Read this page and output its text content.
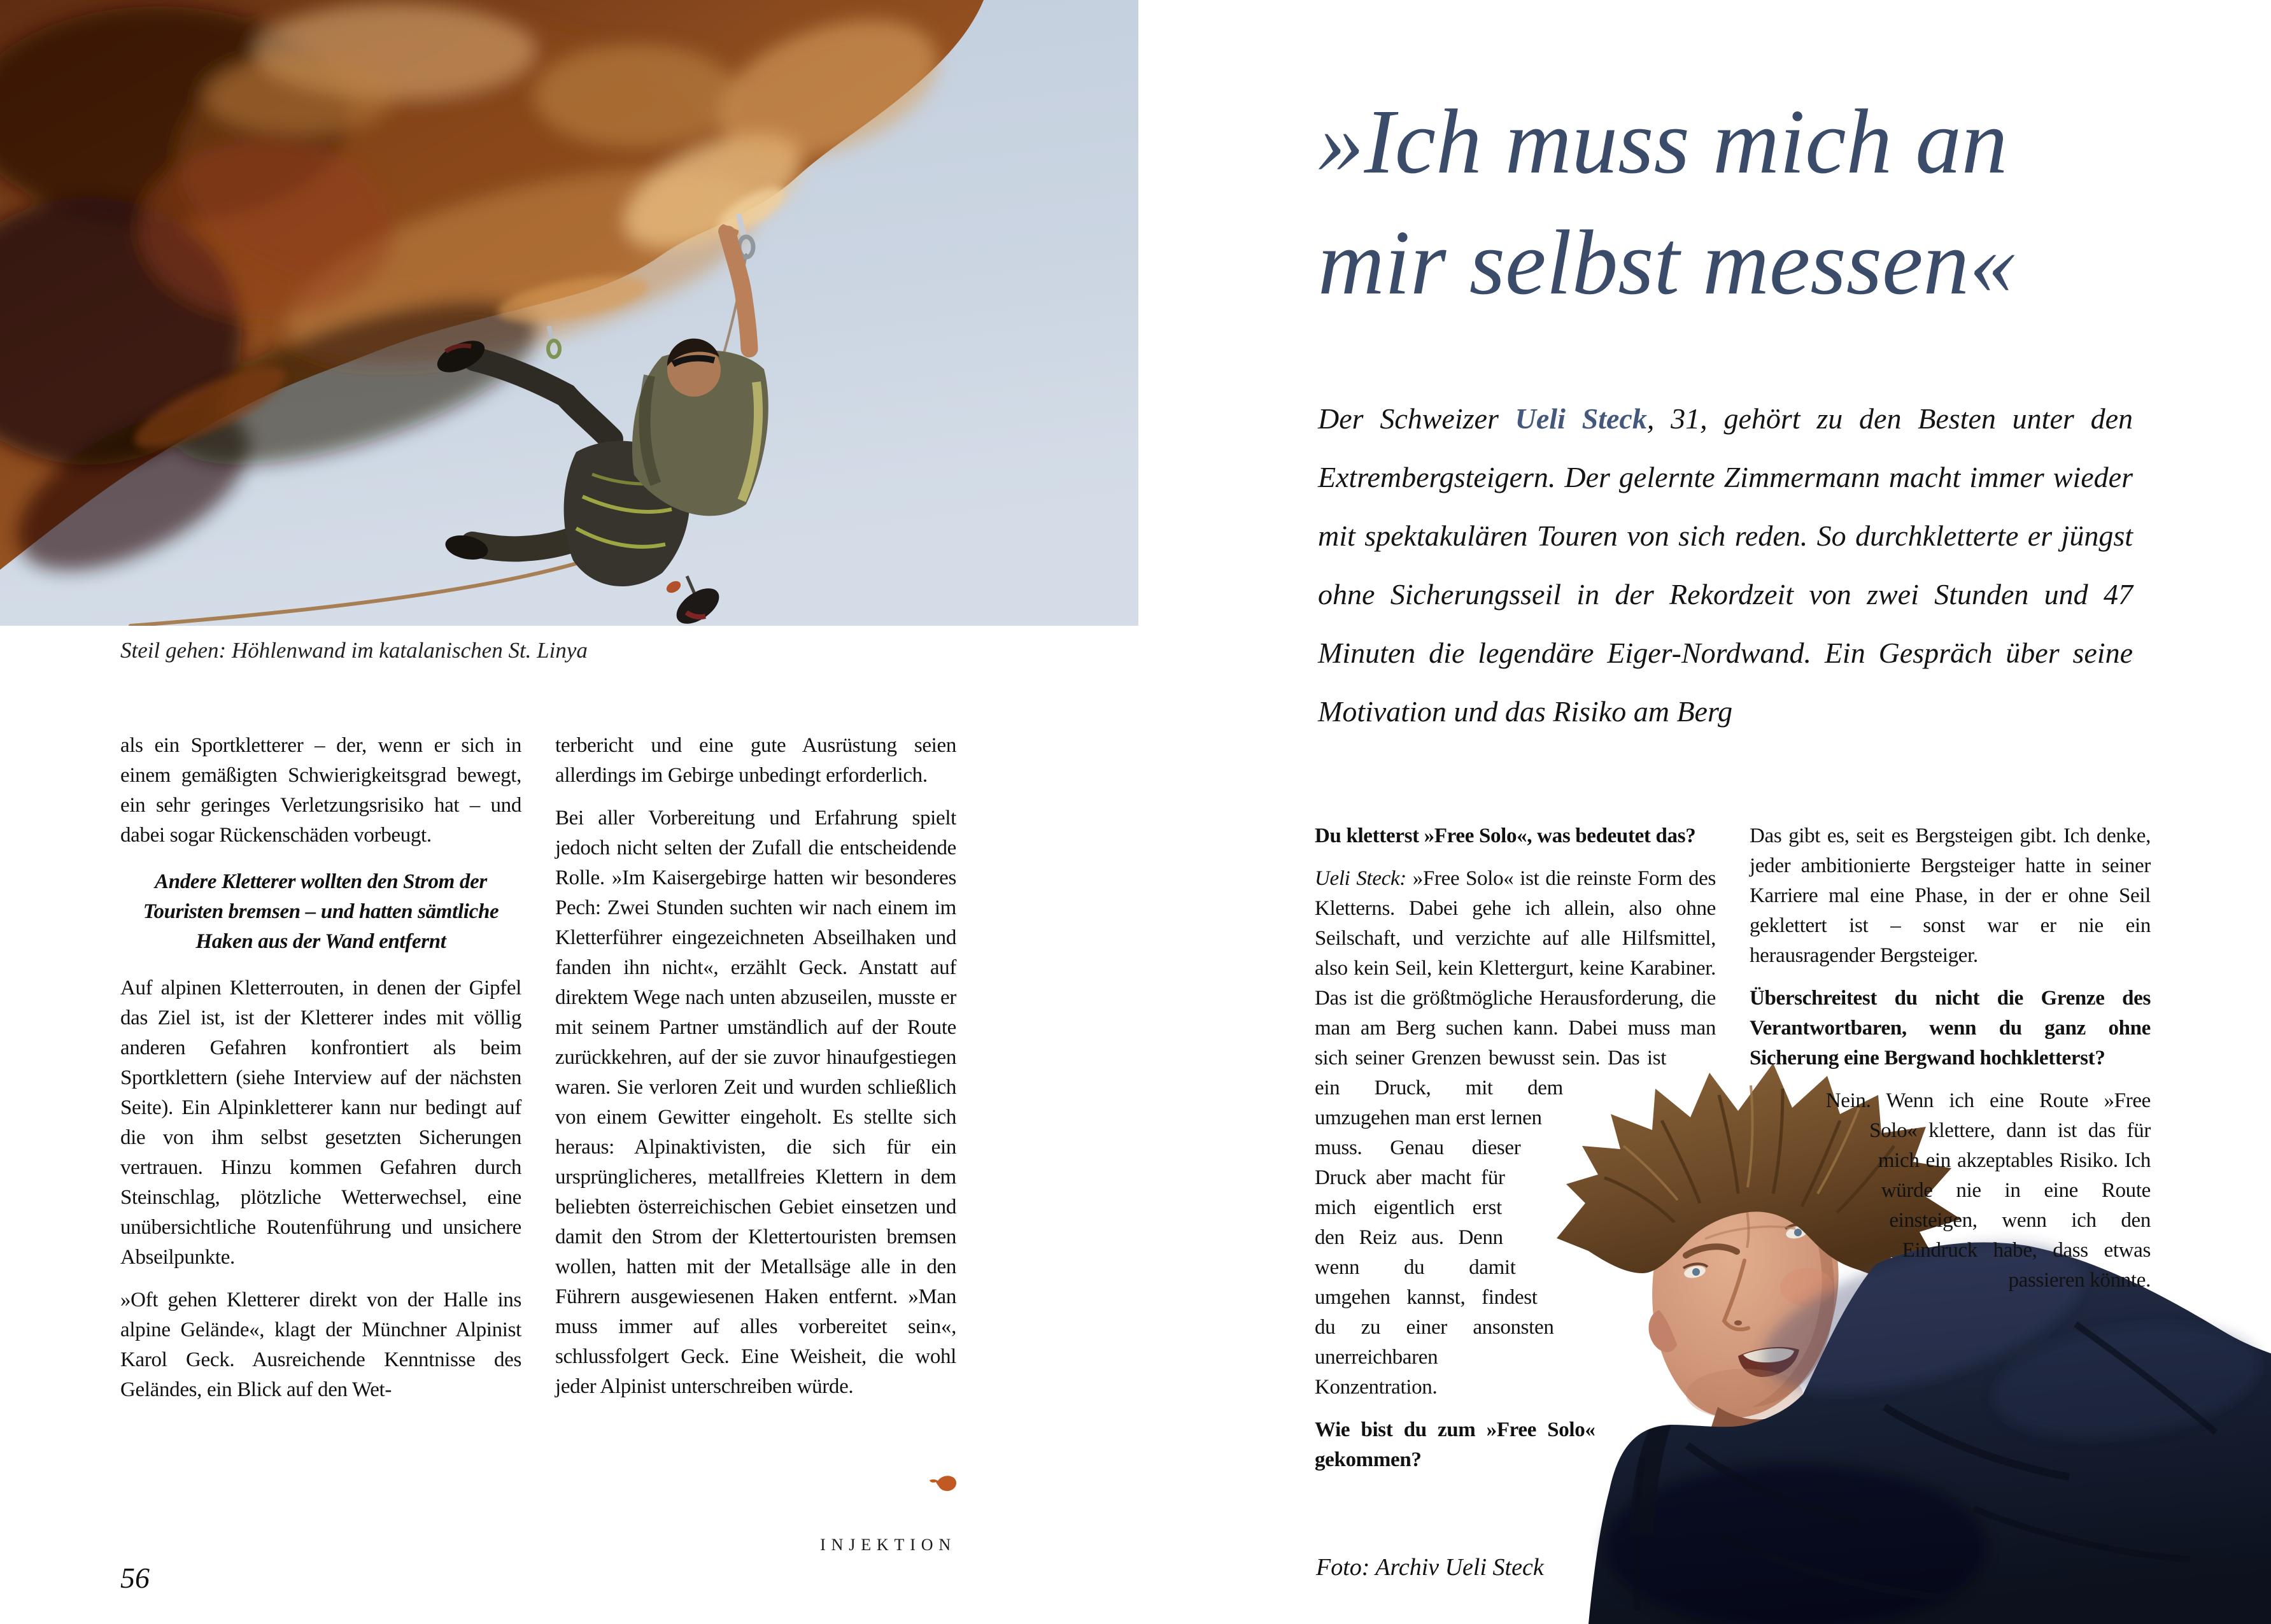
Steil gehen: Höhlenwand im katalanischen St. Linya

als ein Sportkletterer – der, wenn er sich in einem gemäßigten Schwierigkeitsgrad bewegt, ein sehr geringes Verletzungsrisiko hat – und dabei sogar Rückenschäden vorbeugt.

Andere Kletterer wollten den Strom der Touristen bremsen – und hatten sämtliche Haken aus der Wand entfernt

Auf alpinen Kletterrouten, in denen der Gipfel das Ziel ist, ist der Kletterer indes mit völlig anderen Gefahren konfrontiert als beim Sportklettern (siehe Interview auf der nächsten Seite). Ein Alpinkletterer kann nur bedingt auf die von ihm selbst gesetzten Sicherungen vertrauen. Hinzu kommen Gefahren durch Steinschlag, plötzliche Wetterwechsel, eine unübersichtliche Routenführung und unsichere Abseilpunkte.

»Oft gehen Kletterer direkt von der Halle ins alpine Gelände«, klagt der Münchner Alpinist Karol Geck. Ausreichende Kenntnisse des Geländes, ein Blick auf den Wet-

terbericht und eine gute Ausrüstung seien allerdings im Gebirge unbedingt erforderlich.

Bei aller Vorbereitung und Erfahrung spielt jedoch nicht selten der Zufall die entscheidende Rolle. »Im Kaisergebirge hatten wir besonderes Pech: Zwei Stunden suchten wir nach einem im Kletterführer eingezeichneten Abseilhaken und fanden ihn nicht«, erzählt Geck. Anstatt auf direktem Wege nach unten abzuseilen, musste er mit seinem Partner umständlich auf der Route zurückkehren, auf der sie zuvor hinaufgestiegen waren. Sie verloren Zeit und wurden schließlich von einem Gewitter eingeholt. Es stellte sich heraus: Alpinaktivisten, die sich für ein ursprünglicheres, metallfreies Klettern in dem beliebten österreichischen Gebiet einsetzen und damit den Strom der Klettertouristen bremsen wollen, hatten mit der Metallsäge alle in den Führern ausgewiesenen Haken entfernt. »Man muss immer auf alles vorbereitet sein«, schlussfolgert Geck. Eine Weisheit, die wohl jeder Alpinist unterschreiben würde.

56
INJEKTION
»Ich muss mich an
mir selbst messen«
Der Schweizer Ueli Steck, 31, gehört zu den Besten unter den Extrembergsteigern. Der gelernte Zimmermann macht immer wieder mit spektakulären Touren von sich reden. So durchkletterte er jüngst ohne Sicherungsseil in der Rekordzeit von zwei Stunden und 47 Minuten die legendäre Eiger-Nordwand. Ein Gespräch über seine Motivation und das Risiko am Berg

Du kletterst »Free Solo«, was bedeutet das?

Ueli Steck: »Free Solo« ist die reinste Form des Kletterns. Dabei gehe ich allein, also ohne Seilschaft, und verzichte auf alle Hilfsmittel, also kein Seil, kein Klettergurt, keine Karabiner. Das ist die größtmögliche Herausforderung, die man am Berg suchen kann. Dabei muss man sich seiner Grenzen bewusst sein. Das ist ein Druck, mit dem umzugehen man erst lernen muss. Genau dieser Druck aber macht für mich eigentlich erst den Reiz aus. Denn wenn du damit umgehen kannst, findest du zu einer ansonsten unerreichbaren Konzentration.

Wie bist du zum »Free Solo« gekommen?

Das gibt es, seit es Bergsteigen gibt. Ich denke, jeder ambitionierte Bergsteiger hatte in seiner Karriere mal eine Phase, in der er ohne Seil geklettert ist – sonst war er nie ein herausragender Bergsteiger.

Überschreitest du nicht die Grenze des Verantwortbaren, wenn du ganz ohne Sicherung eine Bergwand hochkletterst?

Nein. Wenn ich eine Route »Free Solo« klettere, dann ist das für mich ein akzeptables Risiko. Ich würde nie in eine Route einsteigen, wenn ich den Eindruck habe, dass etwas passieren könnte.

Foto: Archiv Ueli Steck
